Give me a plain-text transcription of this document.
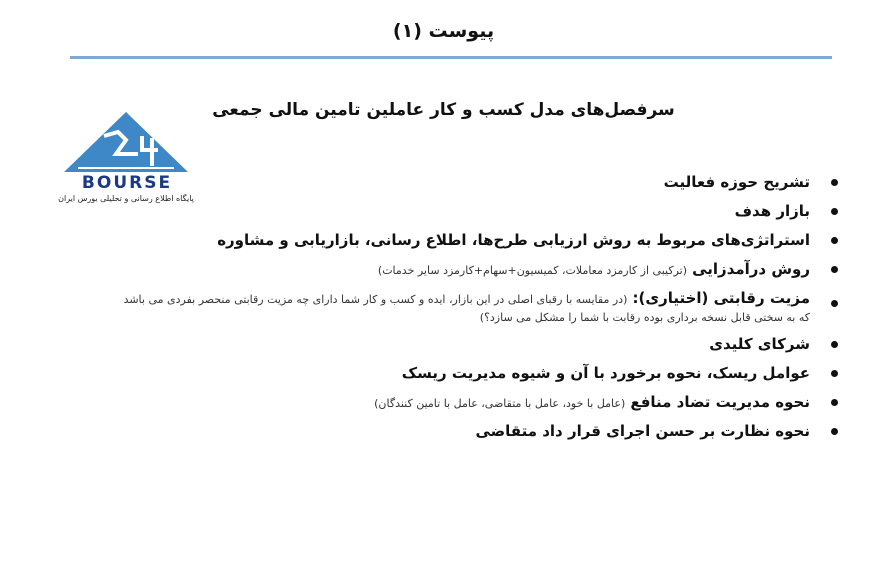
پیوست (۱)
سرفصل‌های مدل کسب و کار عاملین تامین مالی جمعی
BOURSE
پایگاه اطلاع رسانی و تحلیلی بورس ایران
تشریح حوزه فعالیت
بازار هدف
استراتژی‌های مربوط به روش ارزیابی طرح‌ها، اطلاع رسانی، بازاریابی و مشاوره
روش درآمدزایی (ترکیبی از کارمزد معاملات، کمیسیون+سهام+کارمزد سایر خدمات)
مزیت رقابتی (اختیاری): (در مقایسه با رقبای اصلی در این بازار، ایده و کسب و کار شما دارای چه مزیت رقابتی منحصر بفردی می باشد
که به سختی قابل نسخه برداری بوده رقابت با شما را مشکل می سازد؟)
شرکای کلیدی
عوامل ریسک، نحوه برخورد با آن و شیوه مدیریت ریسک
نحوه مدیریت تضاد منافع (عامل با خود، عامل با متقاضی، عامل با تامین کنندگان)
نحوه نظارت بر حسن اجرای قرار داد متقاضی
